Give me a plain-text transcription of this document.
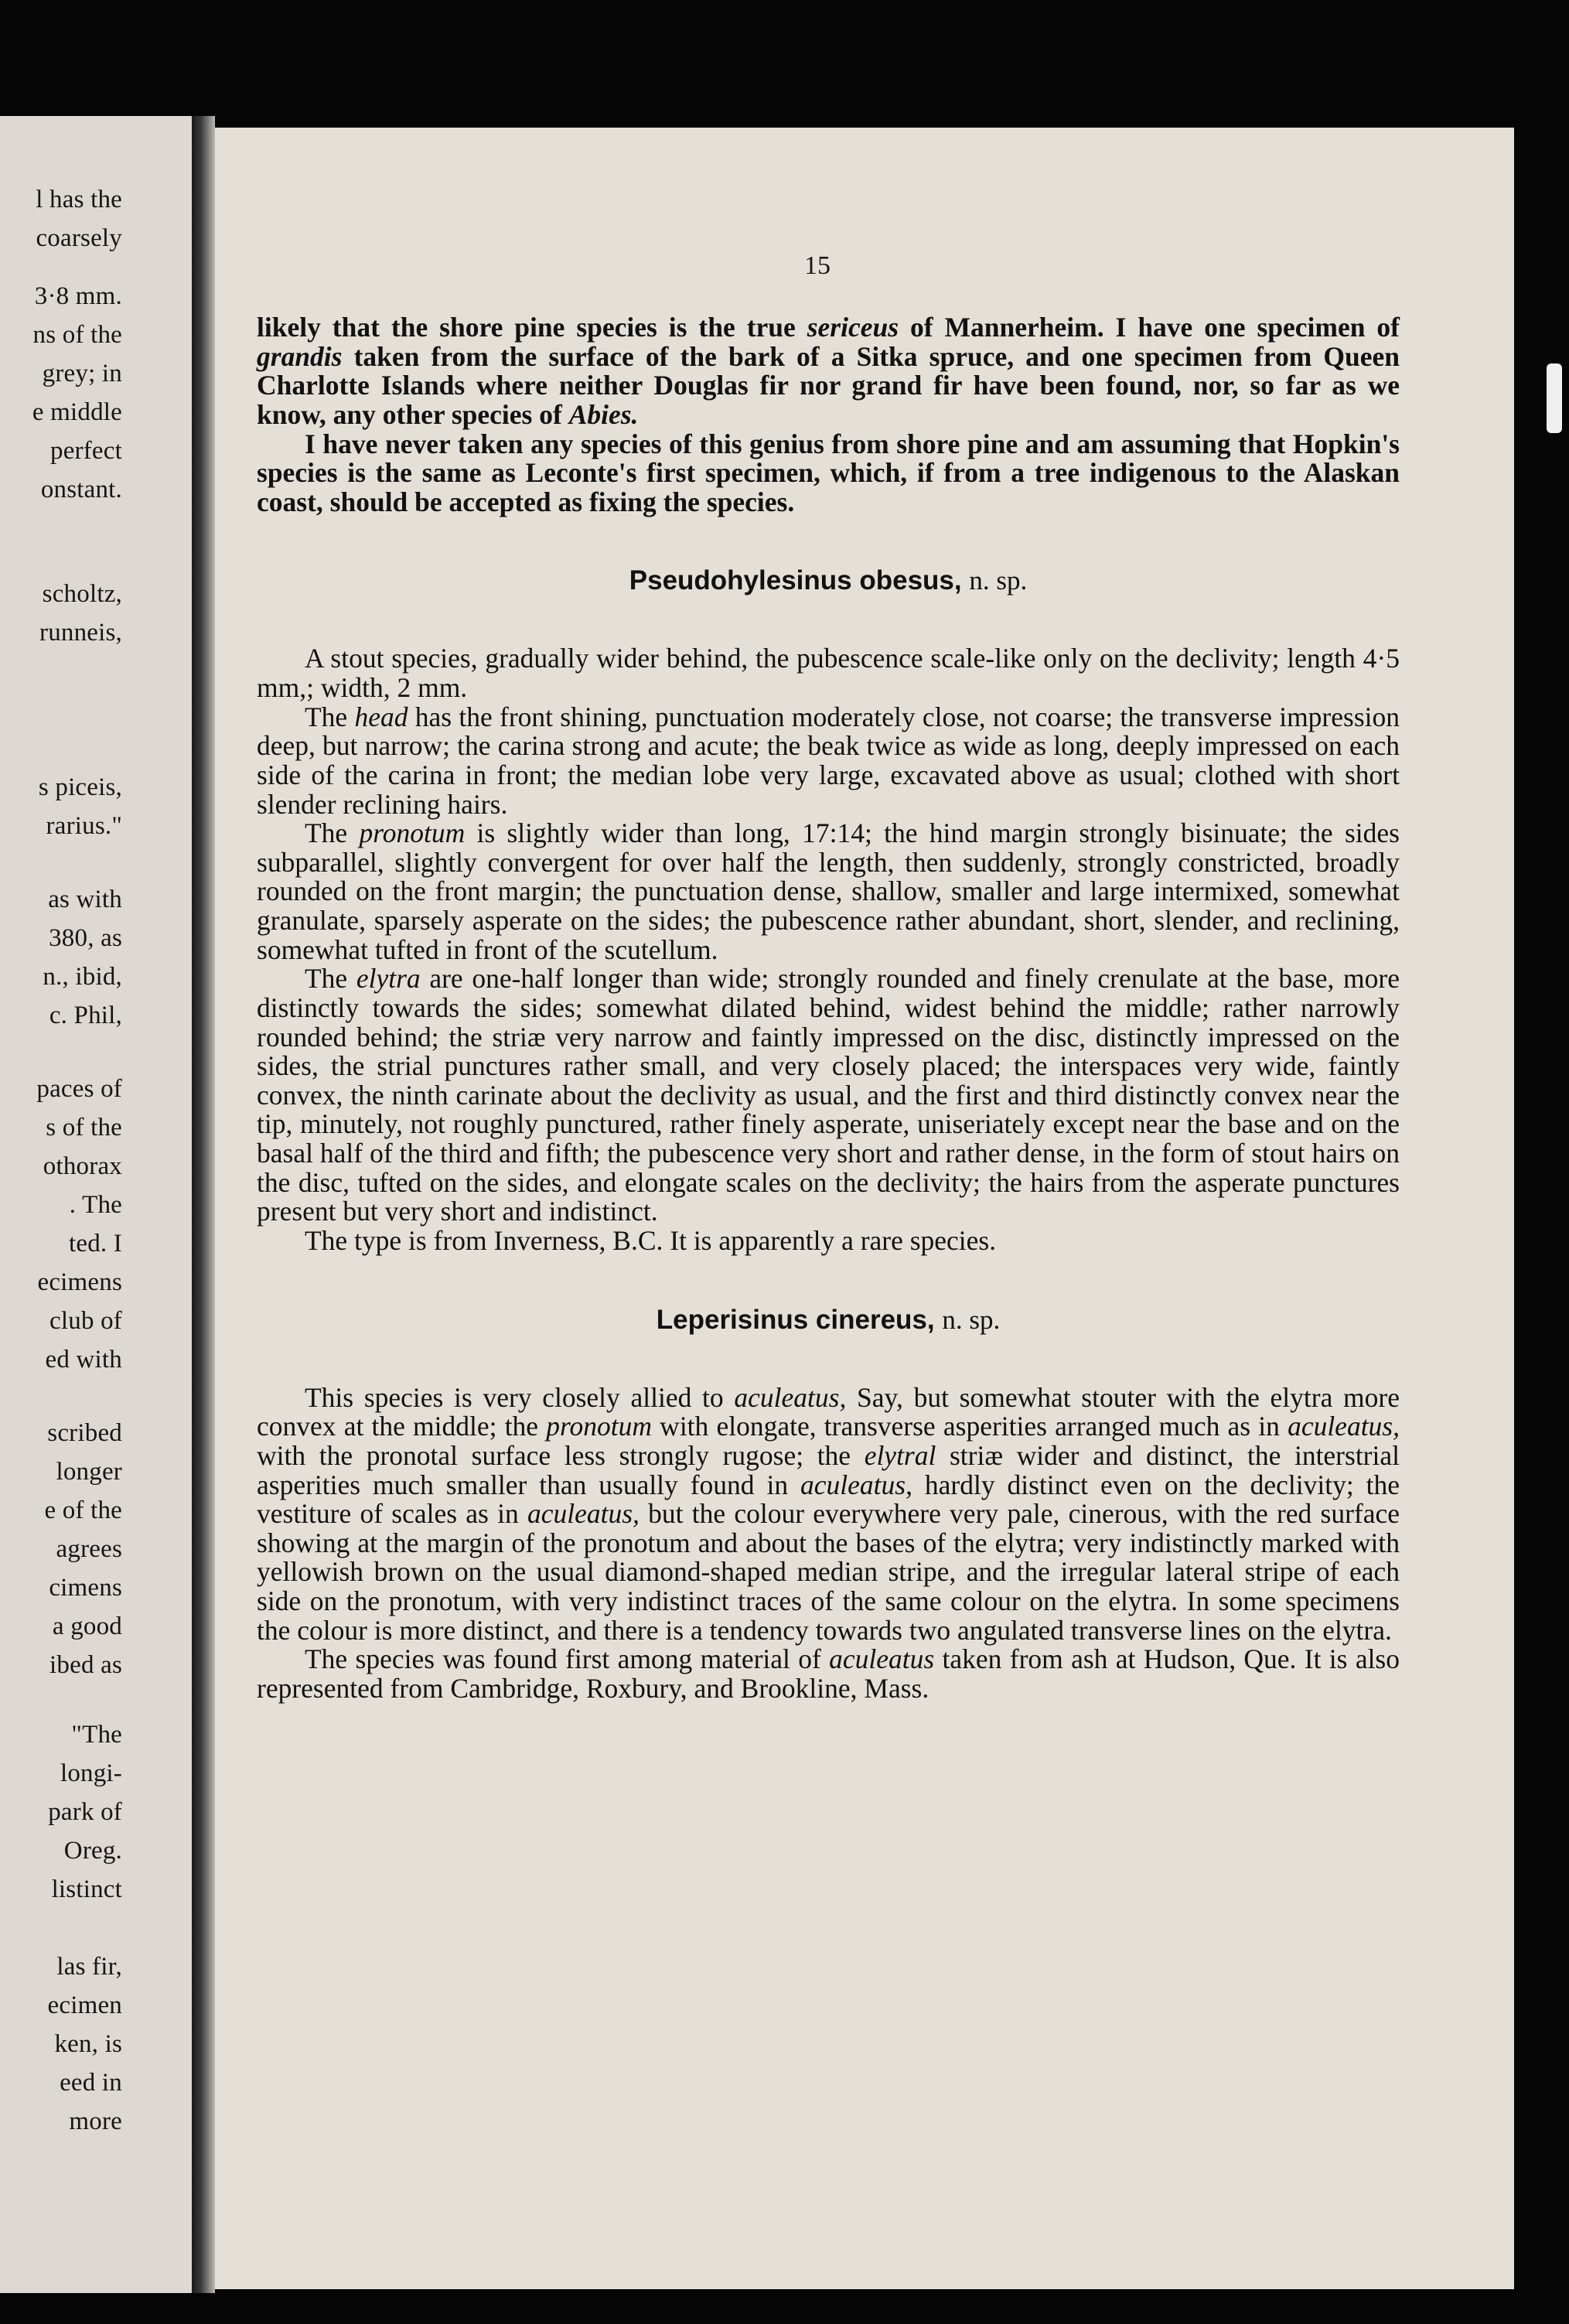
l has the
coarsely
3·8 mm.
ns of the
grey; in
e middle
perfect
onstant.
scholtz,
runneis,
s piceis,
rarius."
as with
380, as
n., ibid,
c. Phil,
paces of
s of the
othorax
. The
ted. I
ecimens
club of
ed with
scribed
longer
e of the
agrees
cimens
a good
ibed as
"The
longi-
park of
Oreg.
listinct
las fir,
ecimen
ken, is
eed in
more
15

likely that the shore pine species is the true sericeus of Mannerheim. I have one specimen of grandis taken from the surface of the bark of a Sitka spruce, and one specimen from Queen Charlotte Islands where neither Douglas fir nor grand fir have been found, nor, so far as we know, any other species of Abies.

I have never taken any species of this genius from shore pine and am assuming that Hopkin's species is the same as Leconte's first specimen, which, if from a tree indigenous to the Alaskan coast, should be accepted as fixing the species.

Pseudohylesinus obesus, n. sp.

A stout species, gradually wider behind, the pubescence scale-like only on the declivity; length 4·5 mm,; width, 2 mm.

The head has the front shining, punctuation moderately close, not coarse; the transverse impression deep, but narrow; the carina strong and acute; the beak twice as wide as long, deeply impressed on each side of the carina in front; the median lobe very large, excavated above as usual; clothed with short slender reclining hairs.

The pronotum is slightly wider than long, 17:14; the hind margin strongly bisinuate; the sides subparallel, slightly convergent for over half the length, then suddenly, strongly constricted, broadly rounded on the front margin; the punctuation dense, shallow, smaller and large intermixed, somewhat granulate, sparsely asperate on the sides; the pubescence rather abundant, short, slender, and reclining, somewhat tufted in front of the scutellum.

The elytra are one-half longer than wide; strongly rounded and finely crenulate at the base, more distinctly towards the sides; somewhat dilated behind, widest behind the middle; rather narrowly rounded behind; the striæ very narrow and faintly impressed on the disc, distinctly impressed on the sides, the strial punctures rather small, and very closely placed; the interspaces very wide, faintly convex, the ninth carinate about the declivity as usual, and the first and third distinctly convex near the tip, minutely, not roughly punctured, rather finely asperate, uniseriately except near the base and on the basal half of the third and fifth; the pubescence very short and rather dense, in the form of stout hairs on the disc, tufted on the sides, and elongate scales on the declivity; the hairs from the asperate punctures present but very short and indistinct.

The type is from Inverness, B.C. It is apparently a rare species.

Leperisinus cinereus, n. sp.

This species is very closely allied to aculeatus, Say, but somewhat stouter with the elytra more convex at the middle; the pronotum with elongate, transverse asperities arranged much as in aculeatus, with the pronotal surface less strongly rugose; the elytral striæ wider and distinct, the interstrial asperities much smaller than usually found in aculeatus, hardly distinct even on the declivity; the vestiture of scales as in aculeatus, but the colour everywhere very pale, cinerous, with the red surface showing at the margin of the pronotum and about the bases of the elytra; very indistinctly marked with yellowish brown on the usual diamond-shaped median stripe, and the irregular lateral stripe of each side on the pronotum, with very indistinct traces of the same colour on the elytra. In some specimens the colour is more distinct, and there is a tendency towards two angulated transverse lines on the elytra.

The species was found first among material of aculeatus taken from ash at Hudson, Que. It is also represented from Cambridge, Roxbury, and Brookline, Mass.
